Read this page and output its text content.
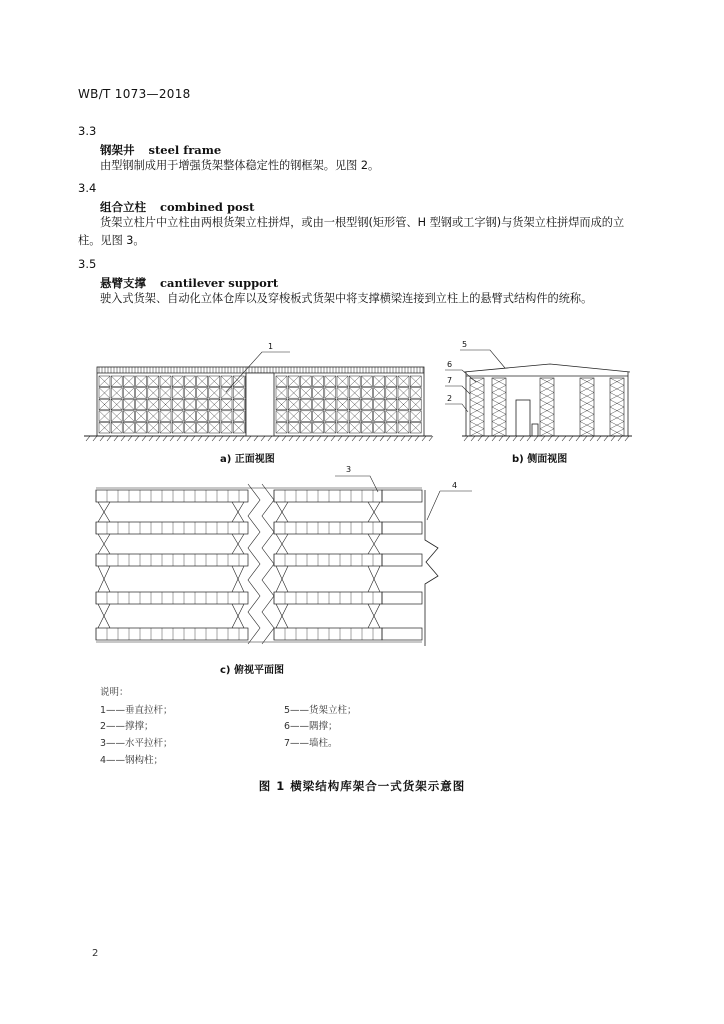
WB/T 1073—2018
3.3
钢架井 steel frame
由型钢制成用于增强货架整体稳定性的钢框架。见图 2。
3.4
组合立柱 combined post
货架立柱片中立柱由两根货架立柱拼焊，或由一根型钢(矩形管、H 型钢或工字钢)与货架立柱拼焊而成的立柱。见图 3。
3.5
悬臂支撑 cantilever support
驶入式货架、自动化立体仓库以及穿梭板式货架中将支撑横梁连接到立柱上的悬臂式结构件的统称。
1	5
6
7
2
3
4
a) 正面视图	b) 侧面视图
c) 俯视平面图
说明：
1——垂直拉杆；
2——撑撑；
3——水平拉杆；
4——钢构柱；
5——货架立柱；
6——隅撑；
7——墙柱。
图 1 横梁结构库架合一式货架示意图
2
